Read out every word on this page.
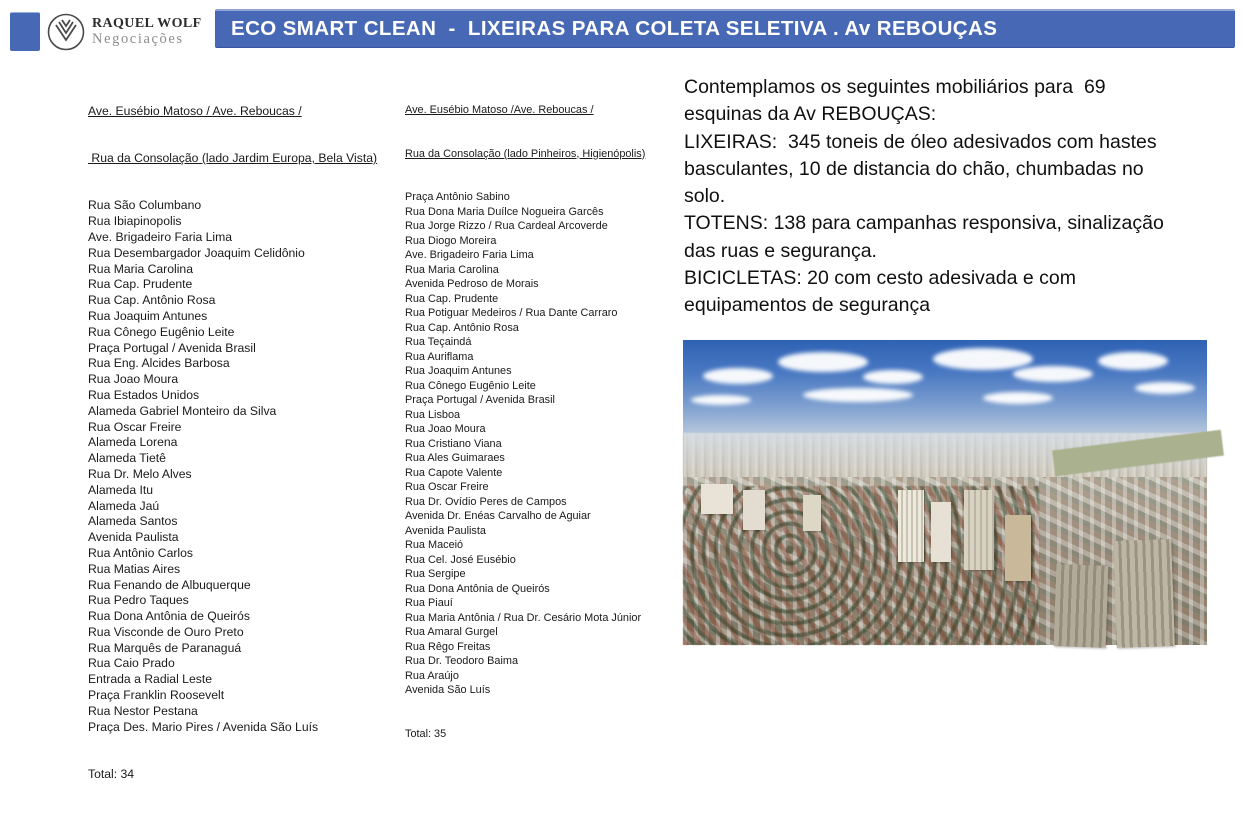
RAQUEL WOLF
Negociações	ECO SMART CLEAN  -  LIXEIRAS PARA COLETA SELETIVA . Av REBOUÇAS

Ave. Eusébio Matoso / Ave. Reboucas /

Rua da Consolação (lado Jardim Europa, Bela Vista)

Rua São Columbano
Rua Ibiapinopolis
Ave. Brigadeiro Faria Lima
Rua Desembargador Joaquim Celidônio
Rua Maria Carolina
Rua Cap. Prudente
Rua Cap. Antônio Rosa
Rua Joaquim Antunes
Rua Cônego Eugênio Leite
Praça Portugal / Avenida Brasil
Rua Eng. Alcides Barbosa
Rua Joao Moura
Rua Estados Unidos
Alameda Gabriel Monteiro da Silva
Rua Oscar Freire
Alameda Lorena
Alameda Tietê
Rua Dr. Melo Alves
Alameda Itu
Alameda Jaú
Alameda Santos
Avenida Paulista
Rua Antônio Carlos
Rua Matias Aires
Rua Fenando de Albuquerque
Rua Pedro Taques
Rua Dona Antônia de Queirós
Rua Visconde de Ouro Preto
Rua Marquês de Paranaguá
Rua Caio Prado
Entrada a Radial Leste
Praça Franklin Roosevelt
Rua Nestor Pestana
Praça Des. Mario Pires / Avenida São Luís

Total: 34

Ave. Eusébio Matoso /Ave. Reboucas /

Rua da Consolação (lado Pinheiros, Higienópolis)

Praça Antônio Sabino
Rua Dona Maria Duílce Nogueira Garcês
Rua Jorge Rizzo / Rua Cardeal Arcoverde
Rua Diogo Moreira
Ave. Brigadeiro Faria Lima
Rua Maria Carolina
Avenida Pedroso de Morais
Rua Cap. Prudente
Rua Potiguar Medeiros / Rua Dante Carraro
Rua Cap. Antônio Rosa
Rua Teçaindá
Rua Auriflama
Rua Joaquim Antunes
Rua Cônego Eugênio Leite
Praça Portugal / Avenida Brasil
Rua Lisboa
Rua Joao Moura
Rua Cristiano Viana
Rua Ales Guimaraes
Rua Capote Valente
Rua Oscar Freire
Rua Dr. Ovídio Peres de Campos
Avenida Dr. Enéas Carvalho de Aguiar
Avenida Paulista
Rua Maceió
Rua Cel. José Eusébio
Rua Sergipe
Rua Dona Antônia de Queirós
Rua Piauí
Rua Maria Antônia / Rua Dr. Cesário Mota Júnior
Rua Amaral Gurgel
Rua Rêgo Freitas
Rua Dr. Teodoro Baima
Rua Araújo
Avenida São Luís

Total: 35

Contemplamos os seguintes mobiliários para  69
esquinas da Av REBOUÇAS:
LIXEIRAS:  345 toneis de óleo adesivados com hastes
basculantes, 10 de distancia do chão, chumbadas no
solo.
TOTENS: 138 para campanhas responsiva, sinalização
das ruas e segurança.
BICICLETAS: 20 com cesto adesivada e com
equipamentos de segurança
